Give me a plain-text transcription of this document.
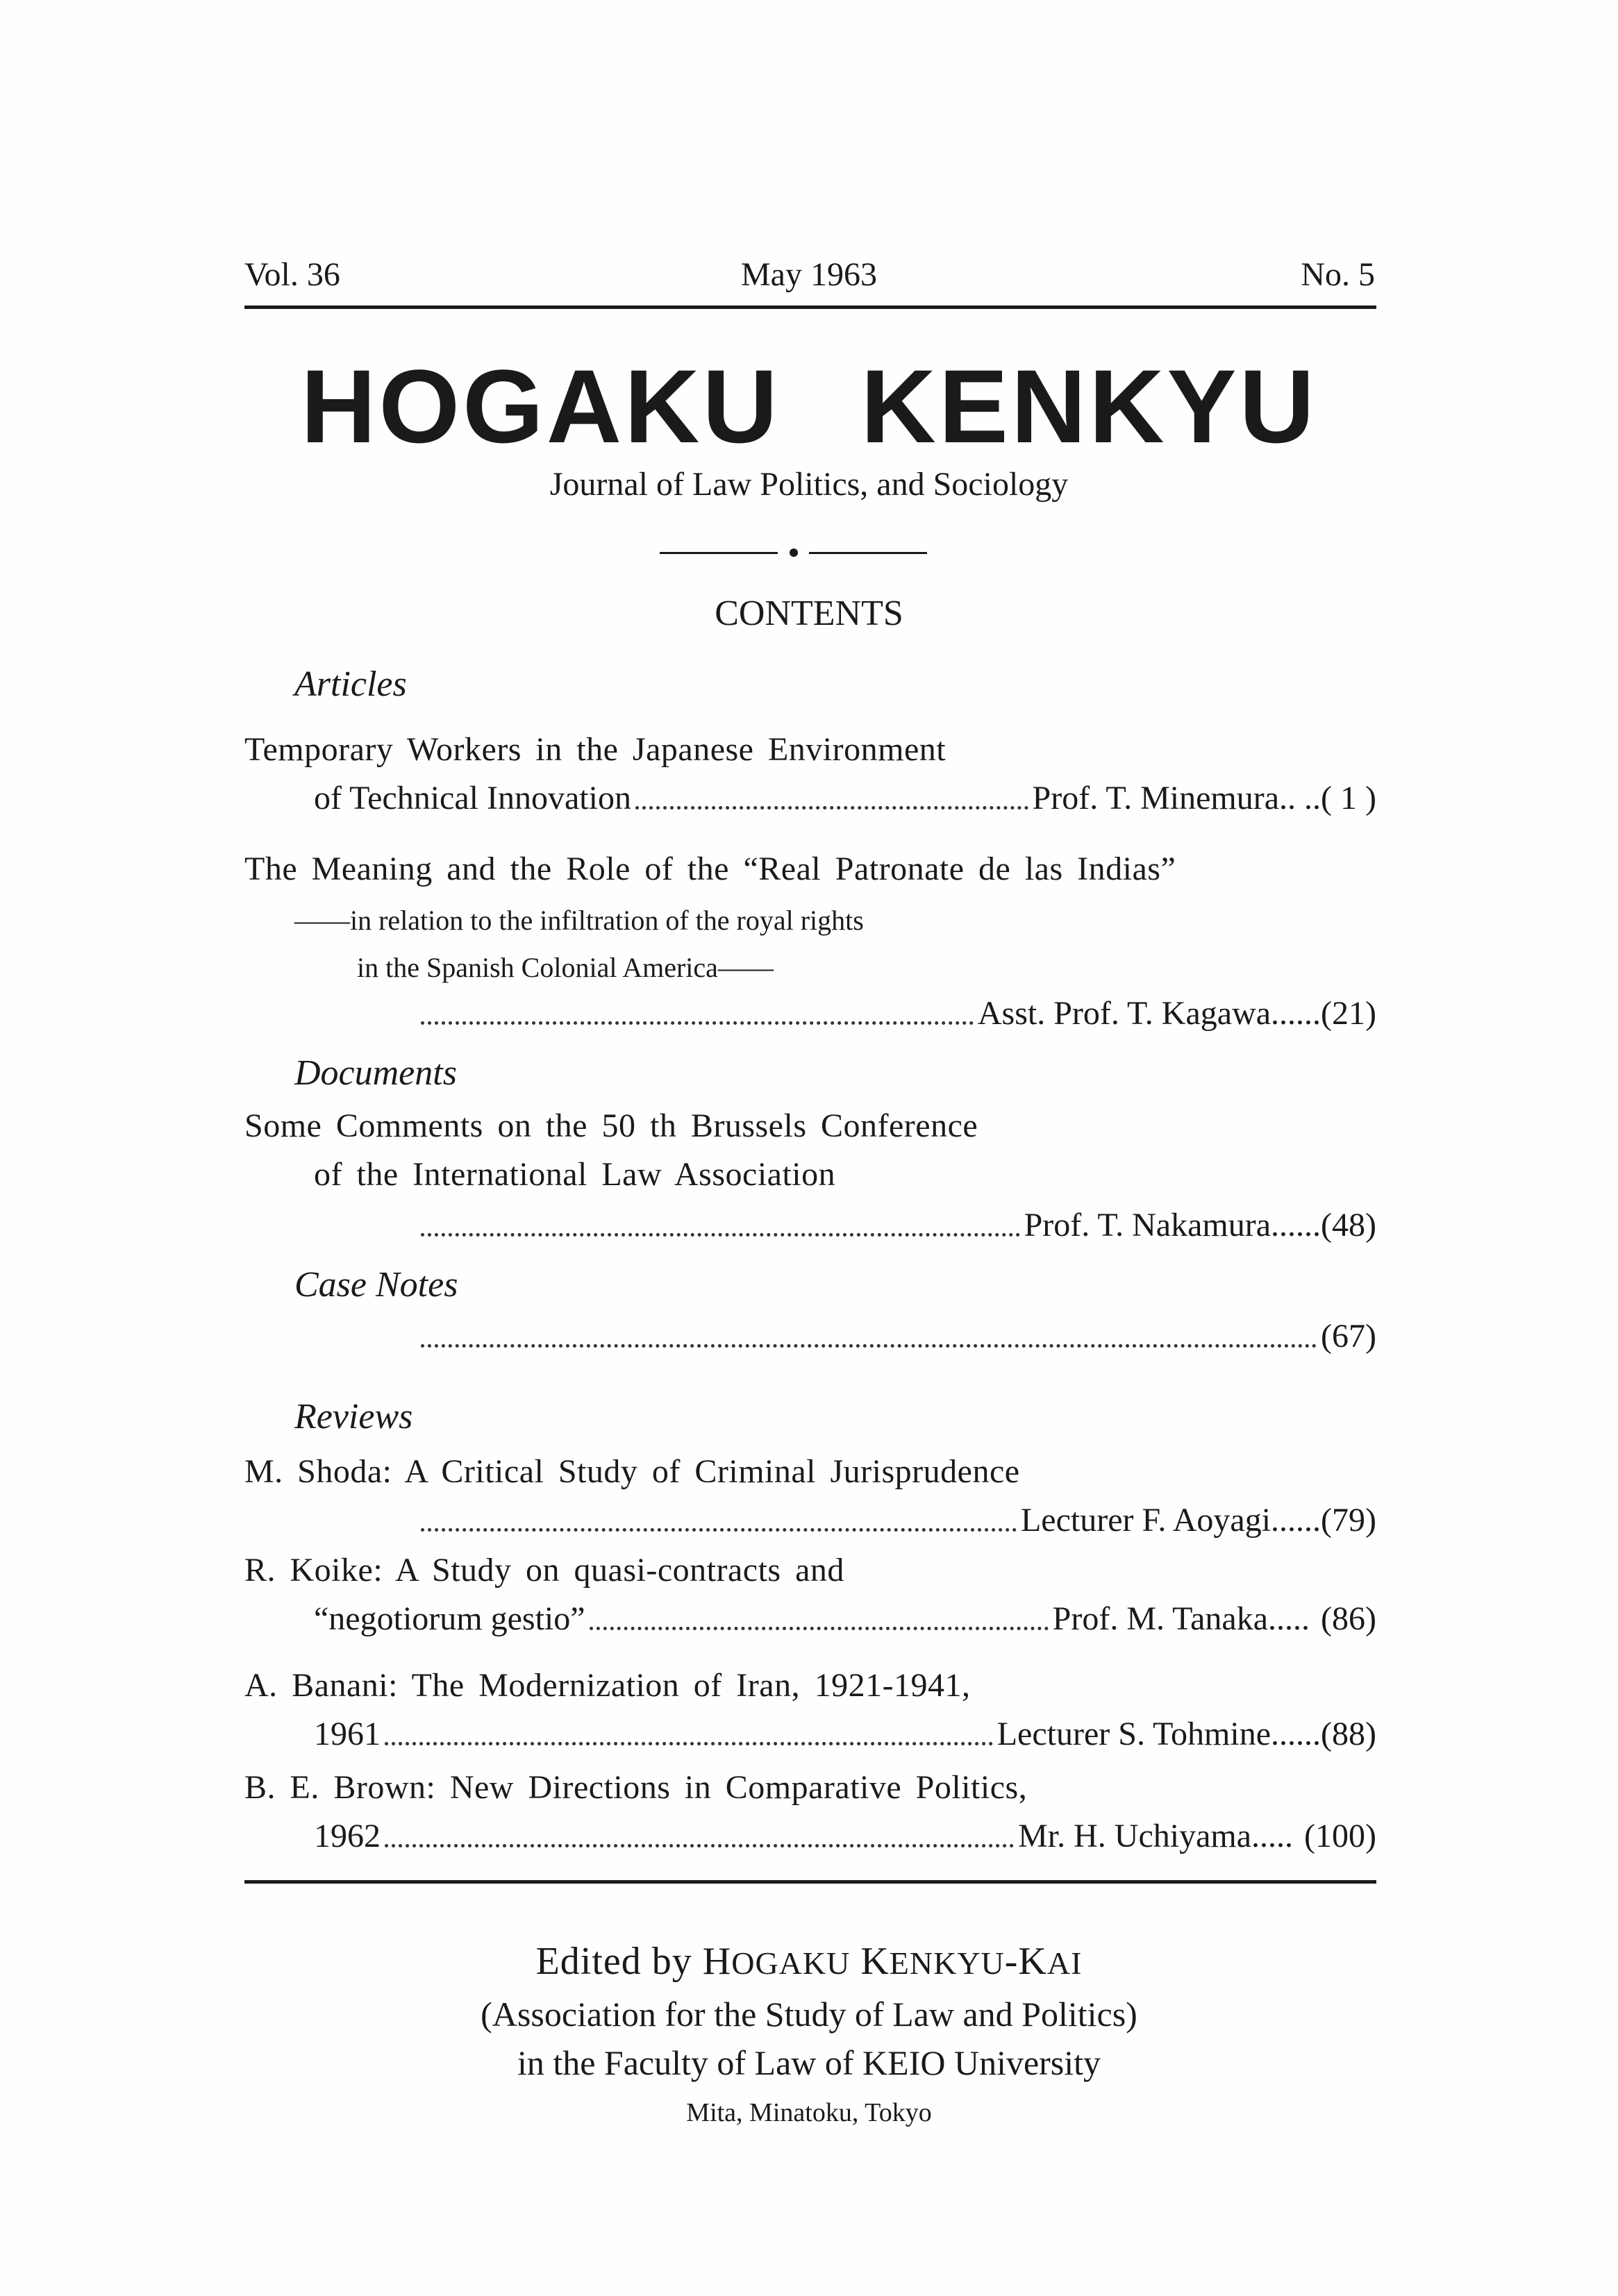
Vol. 36	May 1963	No. 5
HOGAKU KENKYU
Journal of Law Politics, and Sociology
CONTENTS
Articles
Temporary Workers in the Japanese Environment
of Technical Innovation	Prof. T. Minemura.. .. ( 1 )
The Meaning and the Role of the “Real Patronate de las Indias”
——in relation to the infiltration of the royal rights
in the Spanish Colonial America——
Asst. Prof. T. Kagawa...... (21)
Documents
Some Comments on the 50 th Brussels Conference
of the International Law Association
Prof. T. Nakamura...... (48)
Case Notes
(67)
Reviews
M. Shoda: A Critical Study of Criminal Jurisprudence
Lecturer F. Aoyagi...... (79)
R. Koike: A Study on quasi-contracts and
“negotiorum gestio”	Prof. M. Tanaka..... (86)
A. Banani: The Modernization of Iran, 1921-1941,
1961	Lecturer S. Tohmine...... (88)
B. E. Brown: New Directions in Comparative Politics,
1962	Mr. H. Uchiyama..... (100)
Edited by HOGAKU KENKYU-KAI
(Association for the Study of Law and Politics)
in the Faculty of Law of KEIO University
Mita, Minatoku, Tokyo
